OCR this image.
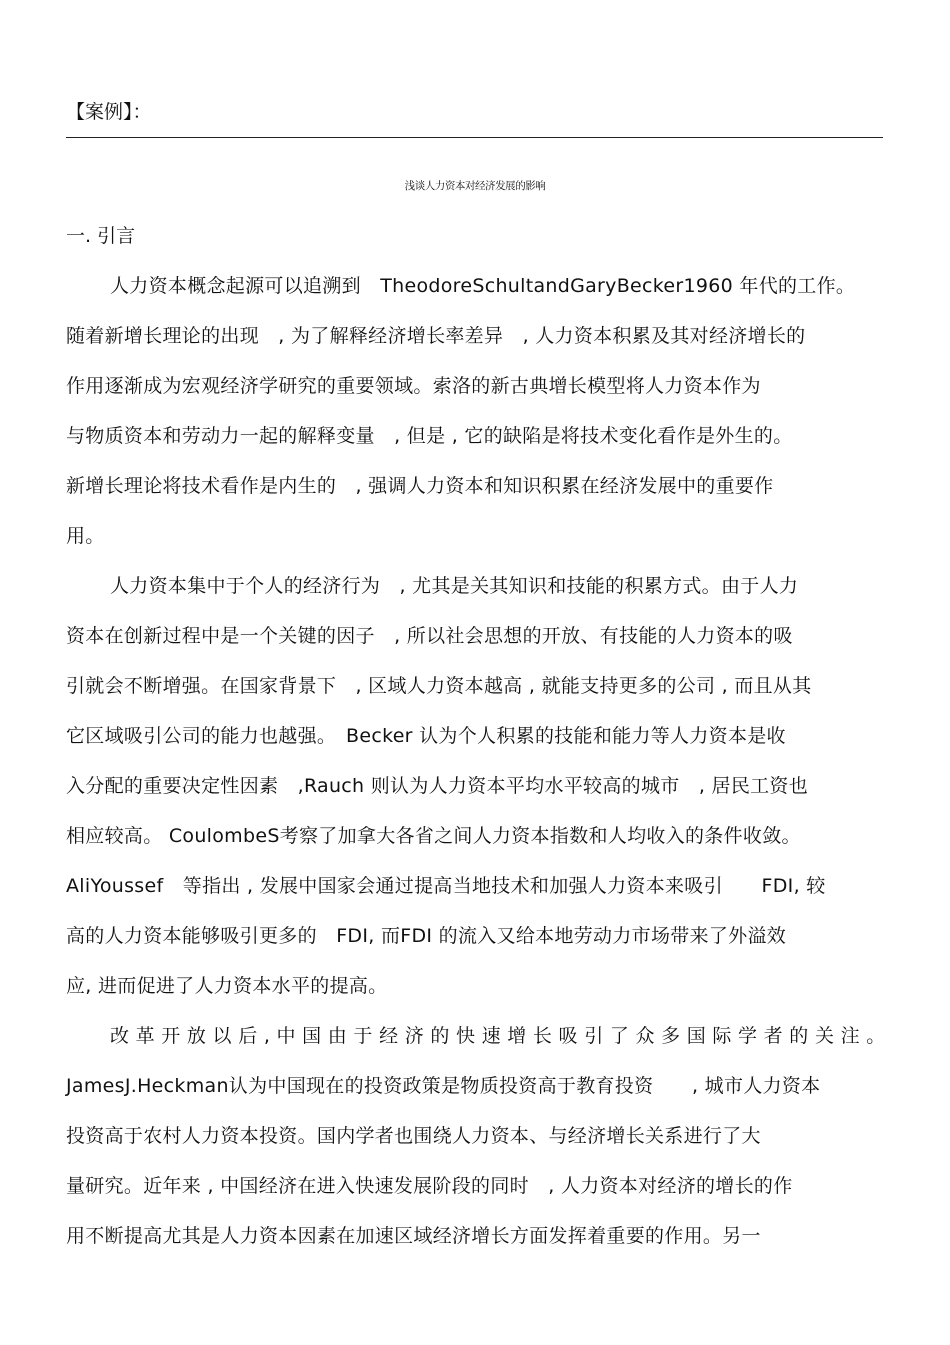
【案例】：
浅谈人力资本对经济发展的影响
一. 引言
人力资本概念起源可以追溯到　TheodoreSchultandGaryBecker1960 年代的工作。
随着新增长理论的出现　, 为了解释经济增长率差异　, 人力资本积累及其对经济增长的
作用逐渐成为宏观经济学研究的重要领域。索洛的新古典增长模型将人力资本作为
与物质资本和劳动力一起的解释变量　, 但是 , 它的缺陷是将技术变化看作是外生的。
新增长理论将技术看作是内生的　, 强调人力资本和知识积累在经济发展中的重要作
用。
人力资本集中于个人的经济行为　, 尤其是关其知识和技能的积累方式。由于人力
资本在创新过程中是一个关键的因子　, 所以社会思想的开放、有技能的人力资本的吸
引就会不断增强。在国家背景下　, 区域人力资本越高 , 就能支持更多的公司 , 而且从其
它区域吸引公司的能力也越强。　Becker 认为个人积累的技能和能力等人力资本是收
入分配的重要决定性因素　,Rauch 则认为人力资本平均水平较高的城市　, 居民工资也
相应较高。 CoulombeS考察了加拿大各省之间人力资本指数和人均收入的条件收敛。
AliYoussef　等指出 , 发展中国家会通过提高当地技术和加强人力资本来吸引　　FDI, 较
高的人力资本能够吸引更多的　FDI, 而FDI 的流入又给本地劳动力市场带来了外溢效
应, 进而促进了人力资本水平的提高。
改 革 开 放 以 后 , 中 国 由 于 经 济 的 快 速 增 长 吸 引 了 众 多 国 际 学 者 的 关 注 。
JamesJ.Heckman认为中国现在的投资政策是物质投资高于教育投资　　, 城市人力资本
投资高于农村人力资本投资。国内学者也围绕人力资本、与经济增长关系进行了大
量研究。近年来 , 中国经济在进入快速发展阶段的同时　, 人力资本对经济的增长的作
用不断提高尤其是人力资本因素在加速区域经济增长方面发挥着重要的作用。另一
